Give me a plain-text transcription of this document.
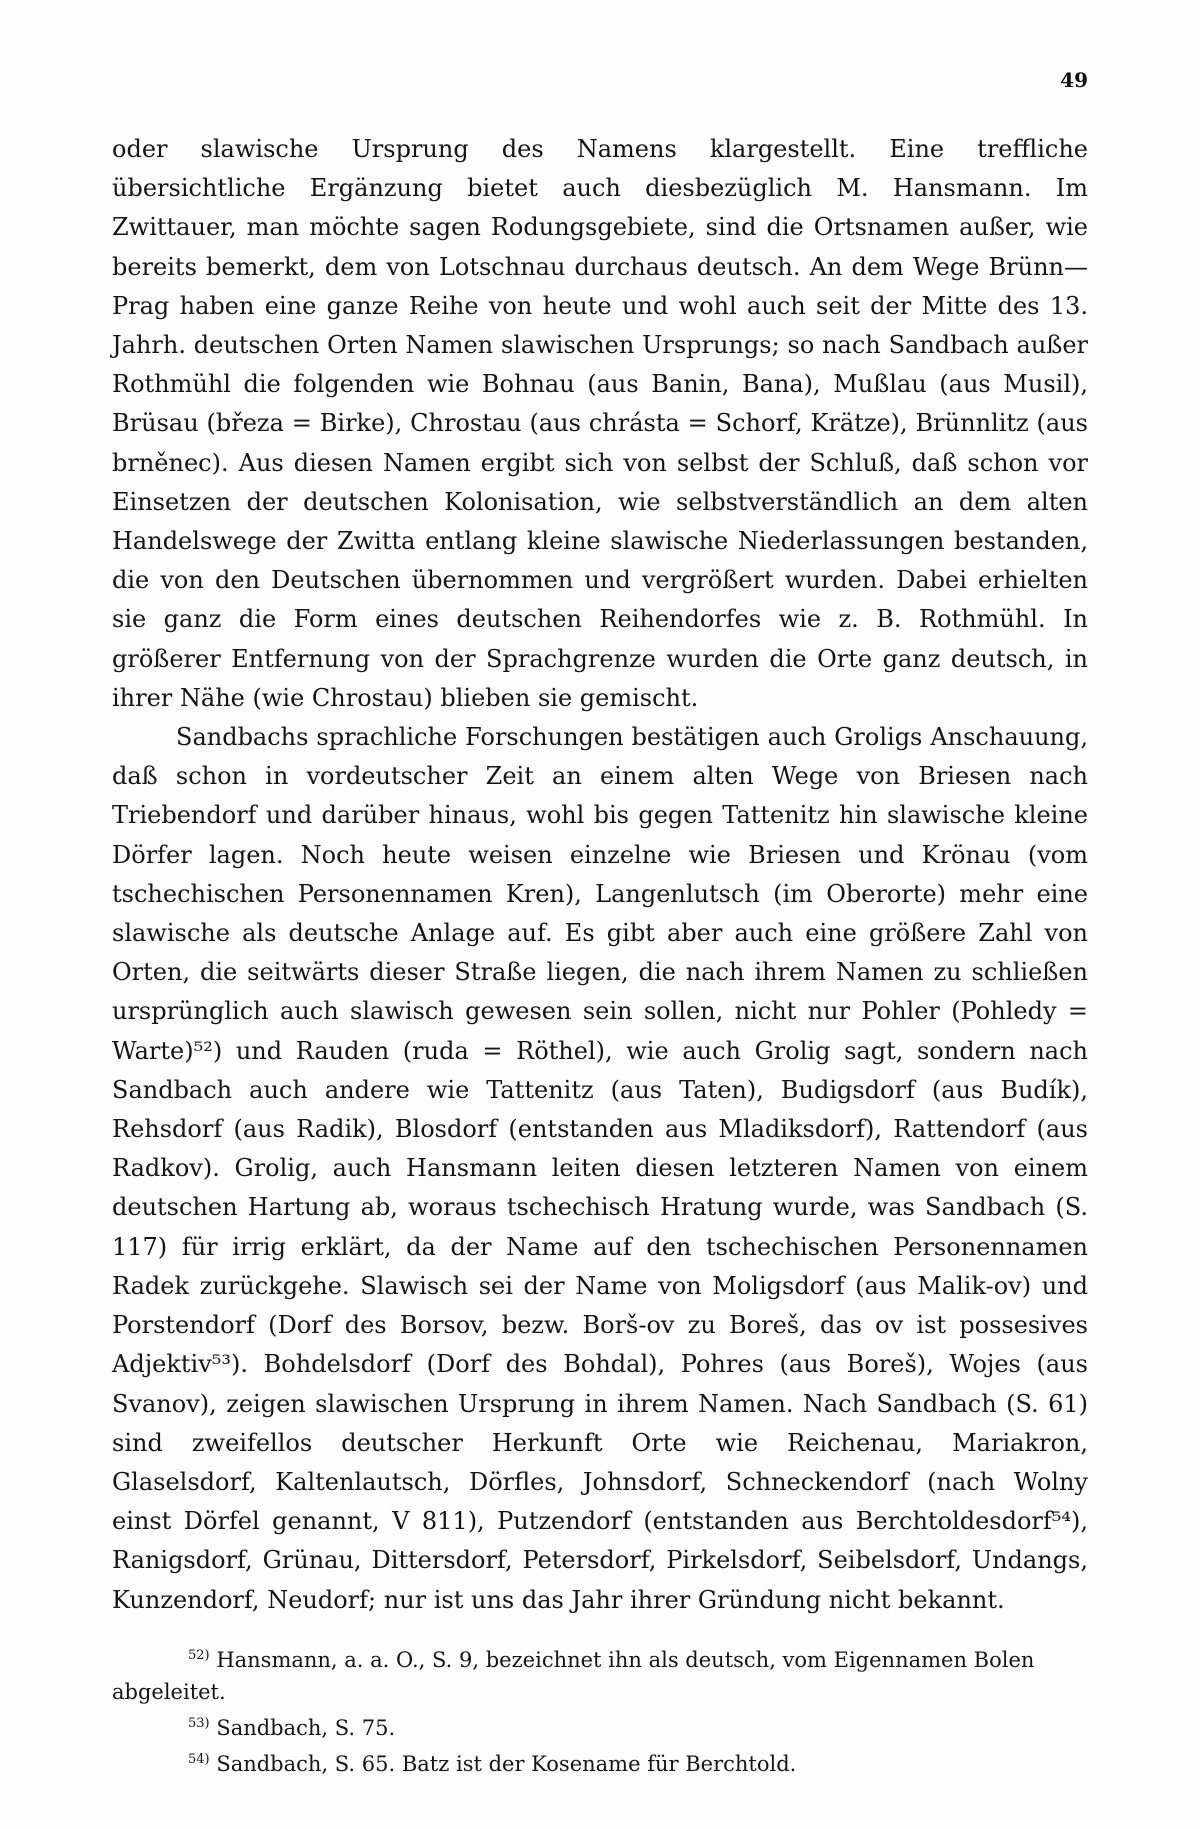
49

oder slawische Ursprung des Namens klargestellt. Eine treffliche übersichtliche Ergänzung bietet auch diesbezüglich M. Hansmann. Im Zwittauer, man möchte sagen Rodungsgebiete, sind die Ortsnamen außer, wie bereits bemerkt, dem von Lotschnau durchaus deutsch. An dem Wege Brünn—Prag haben eine ganze Reihe von heute und wohl auch seit der Mitte des 13. Jahrh. deutschen Orten Namen slawischen Ursprungs; so nach Sandbach außer Rothmühl die folgenden wie Bohnau (aus Banin, Bana), Mußlau (aus Musil), Brüsau (březa = Birke), Chrostau (aus chrásta = Schorf, Krätze), Brünnlitz (aus brněnec). Aus diesen Namen ergibt sich von selbst der Schluß, daß schon vor Einsetzen der deutschen Kolonisation, wie selbstverständlich an dem alten Handelswege der Zwitta entlang kleine slawische Niederlassungen bestanden, die von den Deutschen übernommen und vergrößert wurden. Dabei erhielten sie ganz die Form eines deutschen Reihendorfes wie z. B. Rothmühl. In größerer Entfernung von der Sprachgrenze wurden die Orte ganz deutsch, in ihrer Nähe (wie Chrostau) blieben sie gemischt.

Sandbachs sprachliche Forschungen bestätigen auch Groligs Anschauung, daß schon in vordeutscher Zeit an einem alten Wege von Briesen nach Triebendorf und darüber hinaus, wohl bis gegen Tattenitz hin slawische kleine Dörfer lagen. Noch heute weisen einzelne wie Briesen und Krönau (vom tschechischen Personennamen Kren), Langenlutsch (im Oberorte) mehr eine slawische als deutsche Anlage auf. Es gibt aber auch eine größere Zahl von Orten, die seitwärts dieser Straße liegen, die nach ihrem Namen zu schließen ursprünglich auch slawisch gewesen sein sollen, nicht nur Pohler (Pohledy = Warte)⁵²) und Rauden (ruda = Röthel), wie auch Grolig sagt, sondern nach Sandbach auch andere wie Tattenitz (aus Taten), Budigsdorf (aus Budík), Rehsdorf (aus Radik), Blosdorf (entstanden aus Mladiksdorf), Rattendorf (aus Radkov). Grolig, auch Hansmann leiten diesen letzteren Namen von einem deutschen Hartung ab, woraus tschechisch Hratung wurde, was Sandbach (S. 117) für irrig erklärt, da der Name auf den tschechischen Personennamen Radek zurückgehe. Slawisch sei der Name von Moligsdorf (aus Malik-ov) und Porstendorf (Dorf des Borsov, bezw. Borš-ov zu Boreš, das ov ist possesives Adjektiv⁵³). Bohdelsdorf (Dorf des Bohdal), Pohres (aus Boreš), Wojes (aus Svanov), zeigen slawischen Ursprung in ihrem Namen. Nach Sandbach (S. 61) sind zweifellos deutscher Herkunft Orte wie Reichenau, Mariakron, Glaselsdorf, Kaltenlautsch, Dörfles, Johnsdorf, Schneckendorf (nach Wolny einst Dörfel genannt, V 811), Putzendorf (entstanden aus Berchtoldesdorf⁵⁴), Ranigsdorf, Grünau, Dittersdorf, Petersdorf, Pirkelsdorf, Seibelsdorf, Undangs, Kunzendorf, Neudorf; nur ist uns das Jahr ihrer Gründung nicht bekannt.

$^{52)}$ Hansmann, a. a. O., S. 9, bezeichnet ihn als deutsch, vom Eigennamen Bolen abgeleitet.

$^{53)}$ Sandbach, S. 75.

$^{54)}$ Sandbach, S. 65. Batz ist der Kosename für Berchtold.
